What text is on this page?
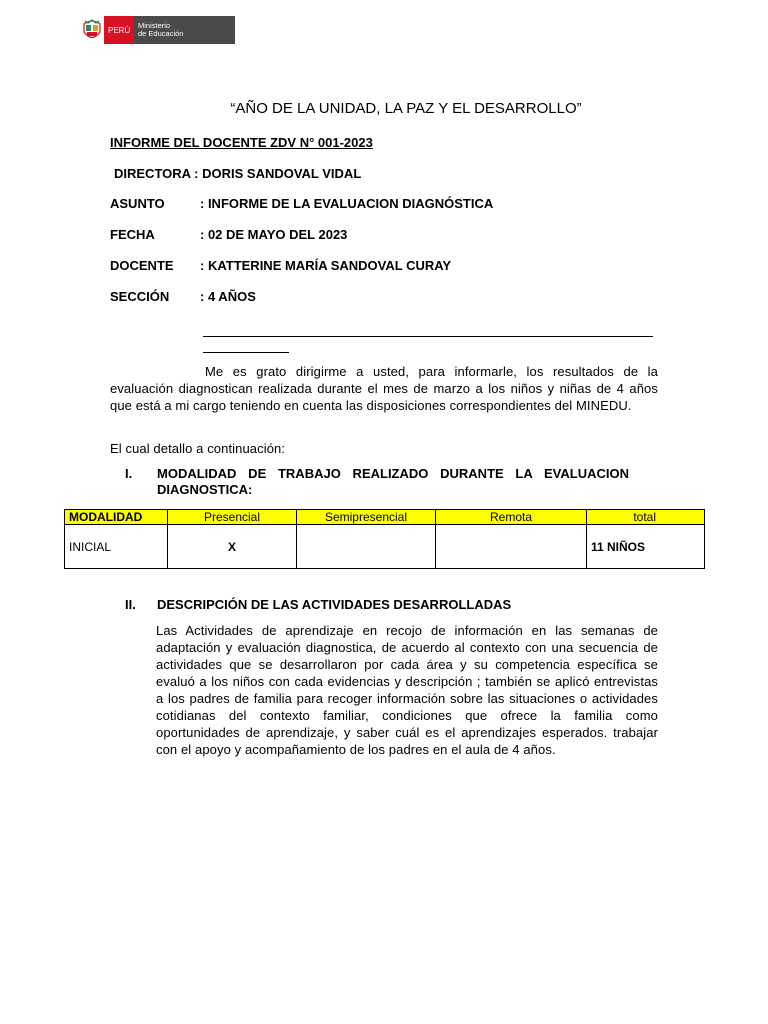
PERÚ	Ministerio
de Educación
“AÑO DE LA UNIDAD, LA PAZ Y EL DESARROLLO”
INFORME DEL DOCENTE ZDV N° 001-2023
DIRECTORA : DORIS SANDOVAL VIDAL
ASUNTO	: INFORME DE LA EVALUACION DIAGNÓSTICA
FECHA	: 02 DE MAYO DEL 2023
DOCENTE : KATTERINE MARÍA SANDOVAL CURAY
SECCIÓN : 4 AÑOS
Me es grato dirigirme a usted, para informarle, los resultados de la evaluación diagnostican realizada durante el mes de marzo a los niños y niñas de 4 años que está a mi cargo teniendo en cuenta las disposiciones correspondientes del MINEDU.
El cual detallo a continuación:
I. MODALIDAD DE TRABAJO REALIZADO DURANTE LA EVALUACION DIAGNOSTICA:
MODALIDAD	Presencial	Semipresencial	Remota	total
INICIAL	X			11 NIÑOS
II. DESCRIPCIÓN DE LAS ACTIVIDADES DESARROLLADAS
Las Actividades de aprendizaje en recojo de información en las semanas de adaptación y evaluación diagnostica, de acuerdo al contexto con una secuencia de actividades que se desarrollaron por cada área y su competencia específica se evaluó a los niños con cada evidencias y descripción ; también se aplicó entrevistas a los padres de familia para recoger información sobre las situaciones o actividades cotidianas del contexto familiar, condiciones que ofrece la familia como oportunidades de aprendizaje, y saber cuál es el aprendizajes esperados. trabajar con el apoyo y acompañamiento de los padres en el aula de 4 años.
